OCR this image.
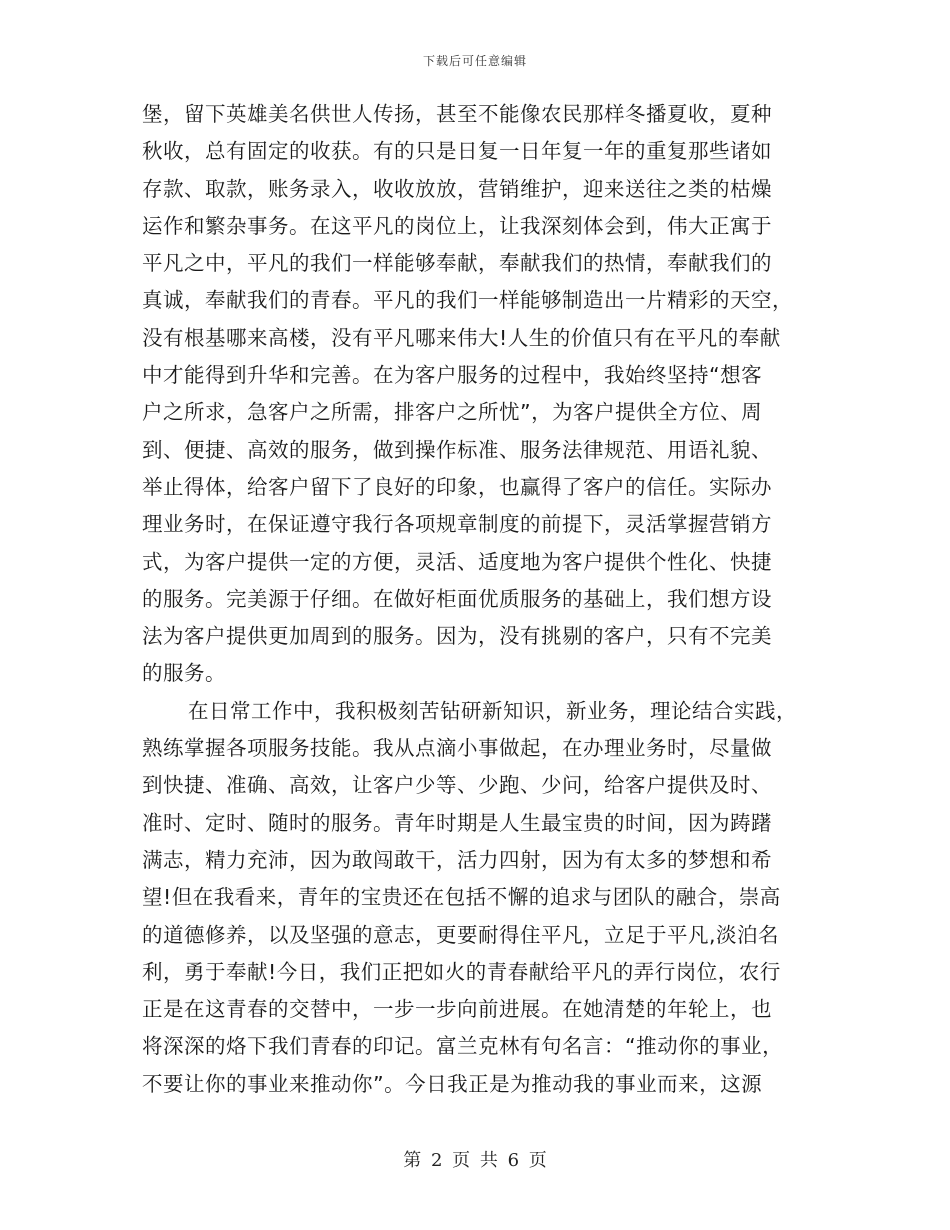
下载后可任意编辑
堡，留下英雄美名供世人传扬，甚至不能像农民那样冬播夏收，夏种
秋收，总有固定的收获。有的只是日复一日年复一年的重复那些诸如
存款、取款，账务录入，收收放放，营销维护，迎来送往之类的枯燥
运作和繁杂事务。在这平凡的岗位上，让我深刻体会到，伟大正寓于
平凡之中，平凡的我们一样能够奉献，奉献我们的热情，奉献我们的
真诚，奉献我们的青春。平凡的我们一样能够制造出一片精彩的天空，
没有根基哪来高楼，没有平凡哪来伟大!人生的价值只有在平凡的奉献
中才能得到升华和完善。在为客户服务的过程中，我始终坚持“想客
户之所求，急客户之所需，排客户之所忧”，为客户提供全方位、周
到、便捷、高效的服务，做到操作标准、服务法律规范、用语礼貌、
举止得体，给客户留下了良好的印象，也赢得了客户的信任。实际办
理业务时，在保证遵守我行各项规章制度的前提下，灵活掌握营销方
式，为客户提供一定的方便，灵活、适度地为客户提供个性化、快捷
的服务。完美源于仔细。在做好柜面优质服务的基础上，我们想方设
法为客户提供更加周到的服务。因为，没有挑剔的客户，只有不完美
的服务。
在日常工作中，我积极刻苦钻研新知识，新业务，理论结合实践，
熟练掌握各项服务技能。我从点滴小事做起，在办理业务时，尽量做
到快捷、准确、高效，让客户少等、少跑、少问，给客户提供及时、
准时、定时、随时的服务。青年时期是人生最宝贵的时间，因为踌躇
满志，精力充沛，因为敢闯敢干，活力四射，因为有太多的梦想和希
望!但在我看来，青年的宝贵还在包括不懈的追求与团队的融合，崇高
的道德修养，以及坚强的意志，更要耐得住平凡，立足于平凡,淡泊名
利，勇于奉献!今日，我们正把如火的青春献给平凡的弄行岗位，农行
正是在这青春的交替中，一步一步向前进展。在她清楚的年轮上，也
将深深的烙下我们青春的印记。富兰克林有句名言：“推动你的事业，
不要让你的事业来推动你”。今日我正是为推动我的事业而来，这源
第 2 页 共 6 页
